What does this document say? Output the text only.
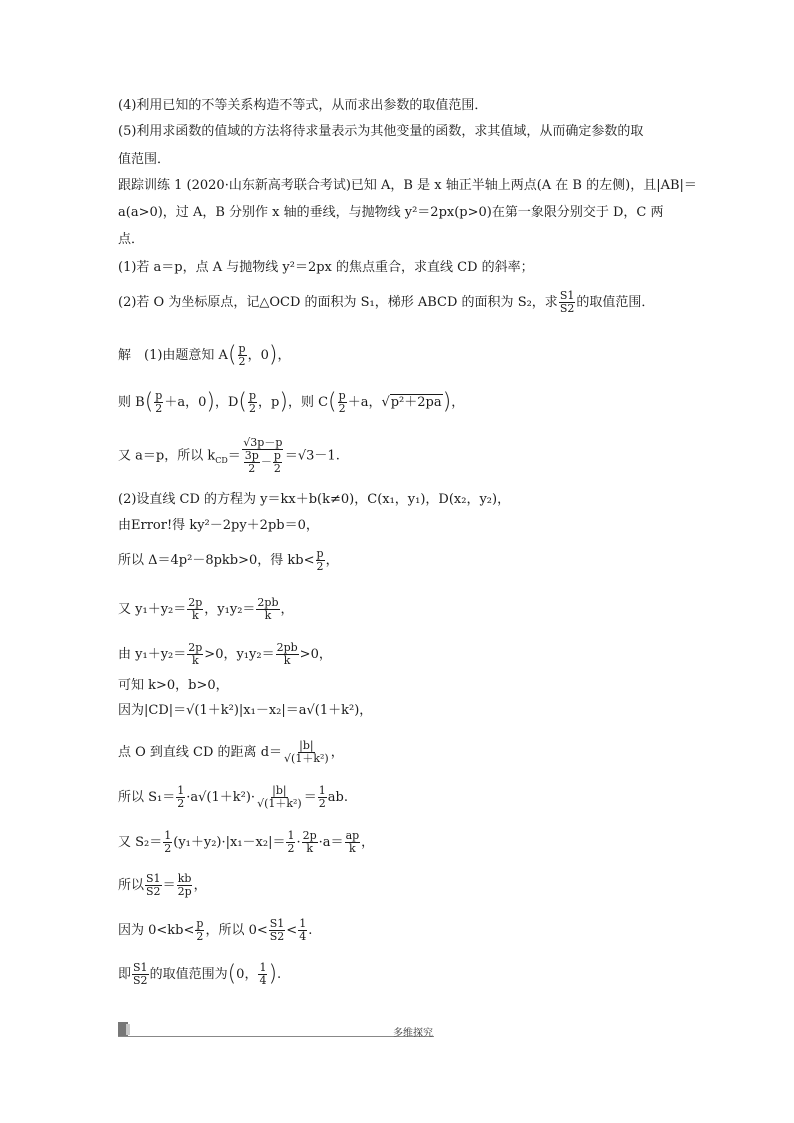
(4)利用已知的不等关系构造不等式，从而求出参数的取值范围．
(5)利用求函数的值域的方法将待求量表示为其他变量的函数，求其值域，从而确定参数的取
值范围．
跟踪训练 1 (2020·山东新高考联合考试)已知 A，B 是 x 轴正半轴上两点(A 在 B 的左侧)，且|AB|＝
a(a>0)，过 A，B 分别作 x 轴的垂线，与抛物线 y²＝2px(p>0)在第一象限分别交于 D，C 两
点．
(1)若 a＝p，点 A 与抛物线 y²＝2px 的焦点重合，求直线 CD 的斜率；
(2)若 O 为坐标原点，记△OCD 的面积为 S₁，梯形 ABCD 的面积为 S₂，求 $\frac{S1}{S2}$ 的取值范围．
解　(1)由题意知 $A( \frac{p}{2}$ ，0)，
则 $B( \frac{p}{2} +a$，0)，$D( \frac{p}{2}$ ，p)，则 $C( \frac{p}{2} +a$，√p²＋2pa)，
又 a＝p，所以 $k_{CD}= \frac{√3p-p}{\frac{3p}{2} - \frac{p}{2}} =√3-1$.
(2)设直线 CD 的方程为 y＝kx＋b(k≠0)，C(x₁，y₁)，D(x₂，y₂)，
由Error!得 ky²－2py＋2pb＝0，
所以 Δ＝4p²－8pkb>0，得 $kb< \frac{p}{2}$ ，
又 $y_1+y_2= \frac{2p}{k}$ ，$y_1y_2= \frac{2pb}{k}$ ，
由 $y_1+y_2= \frac{2p}{k} >0$，$y_1y_2= \frac{2pb}{k} >0$，
可知 k>0，b>0，
因为|CD|＝√(1＋k²)|x₁－x₂|＝a√(1＋k²)，
点 O 到直线 CD 的距离 $d= \frac{|b|}{\text{√(1＋k²)}}$ ，
所以 $S_1= \frac{1}{2} \cdot a√(1+k^2)\cdot \frac{|b|}{\text{√(1＋k²)}} = \frac{1}{2}$ ab.
又 $S_2= \frac{1}{2} (y_1+y_2)\cdot|x_1-x_2|= \frac{1}{2} \cdot \frac{2p}{k} \cdot a= \frac{ap}{k}$ ，
所以 $\frac{S1}{S2} = \frac{kb}{2p}$ ，
因为 $0<kb< \frac{p}{2}$ ，所以 $0< \frac{S1}{S2} < \frac{1}{4}$ .
即 $\frac{S1}{S2}$ 的取值范围为(0， $\frac{1}{4}$ ).
多维探究
